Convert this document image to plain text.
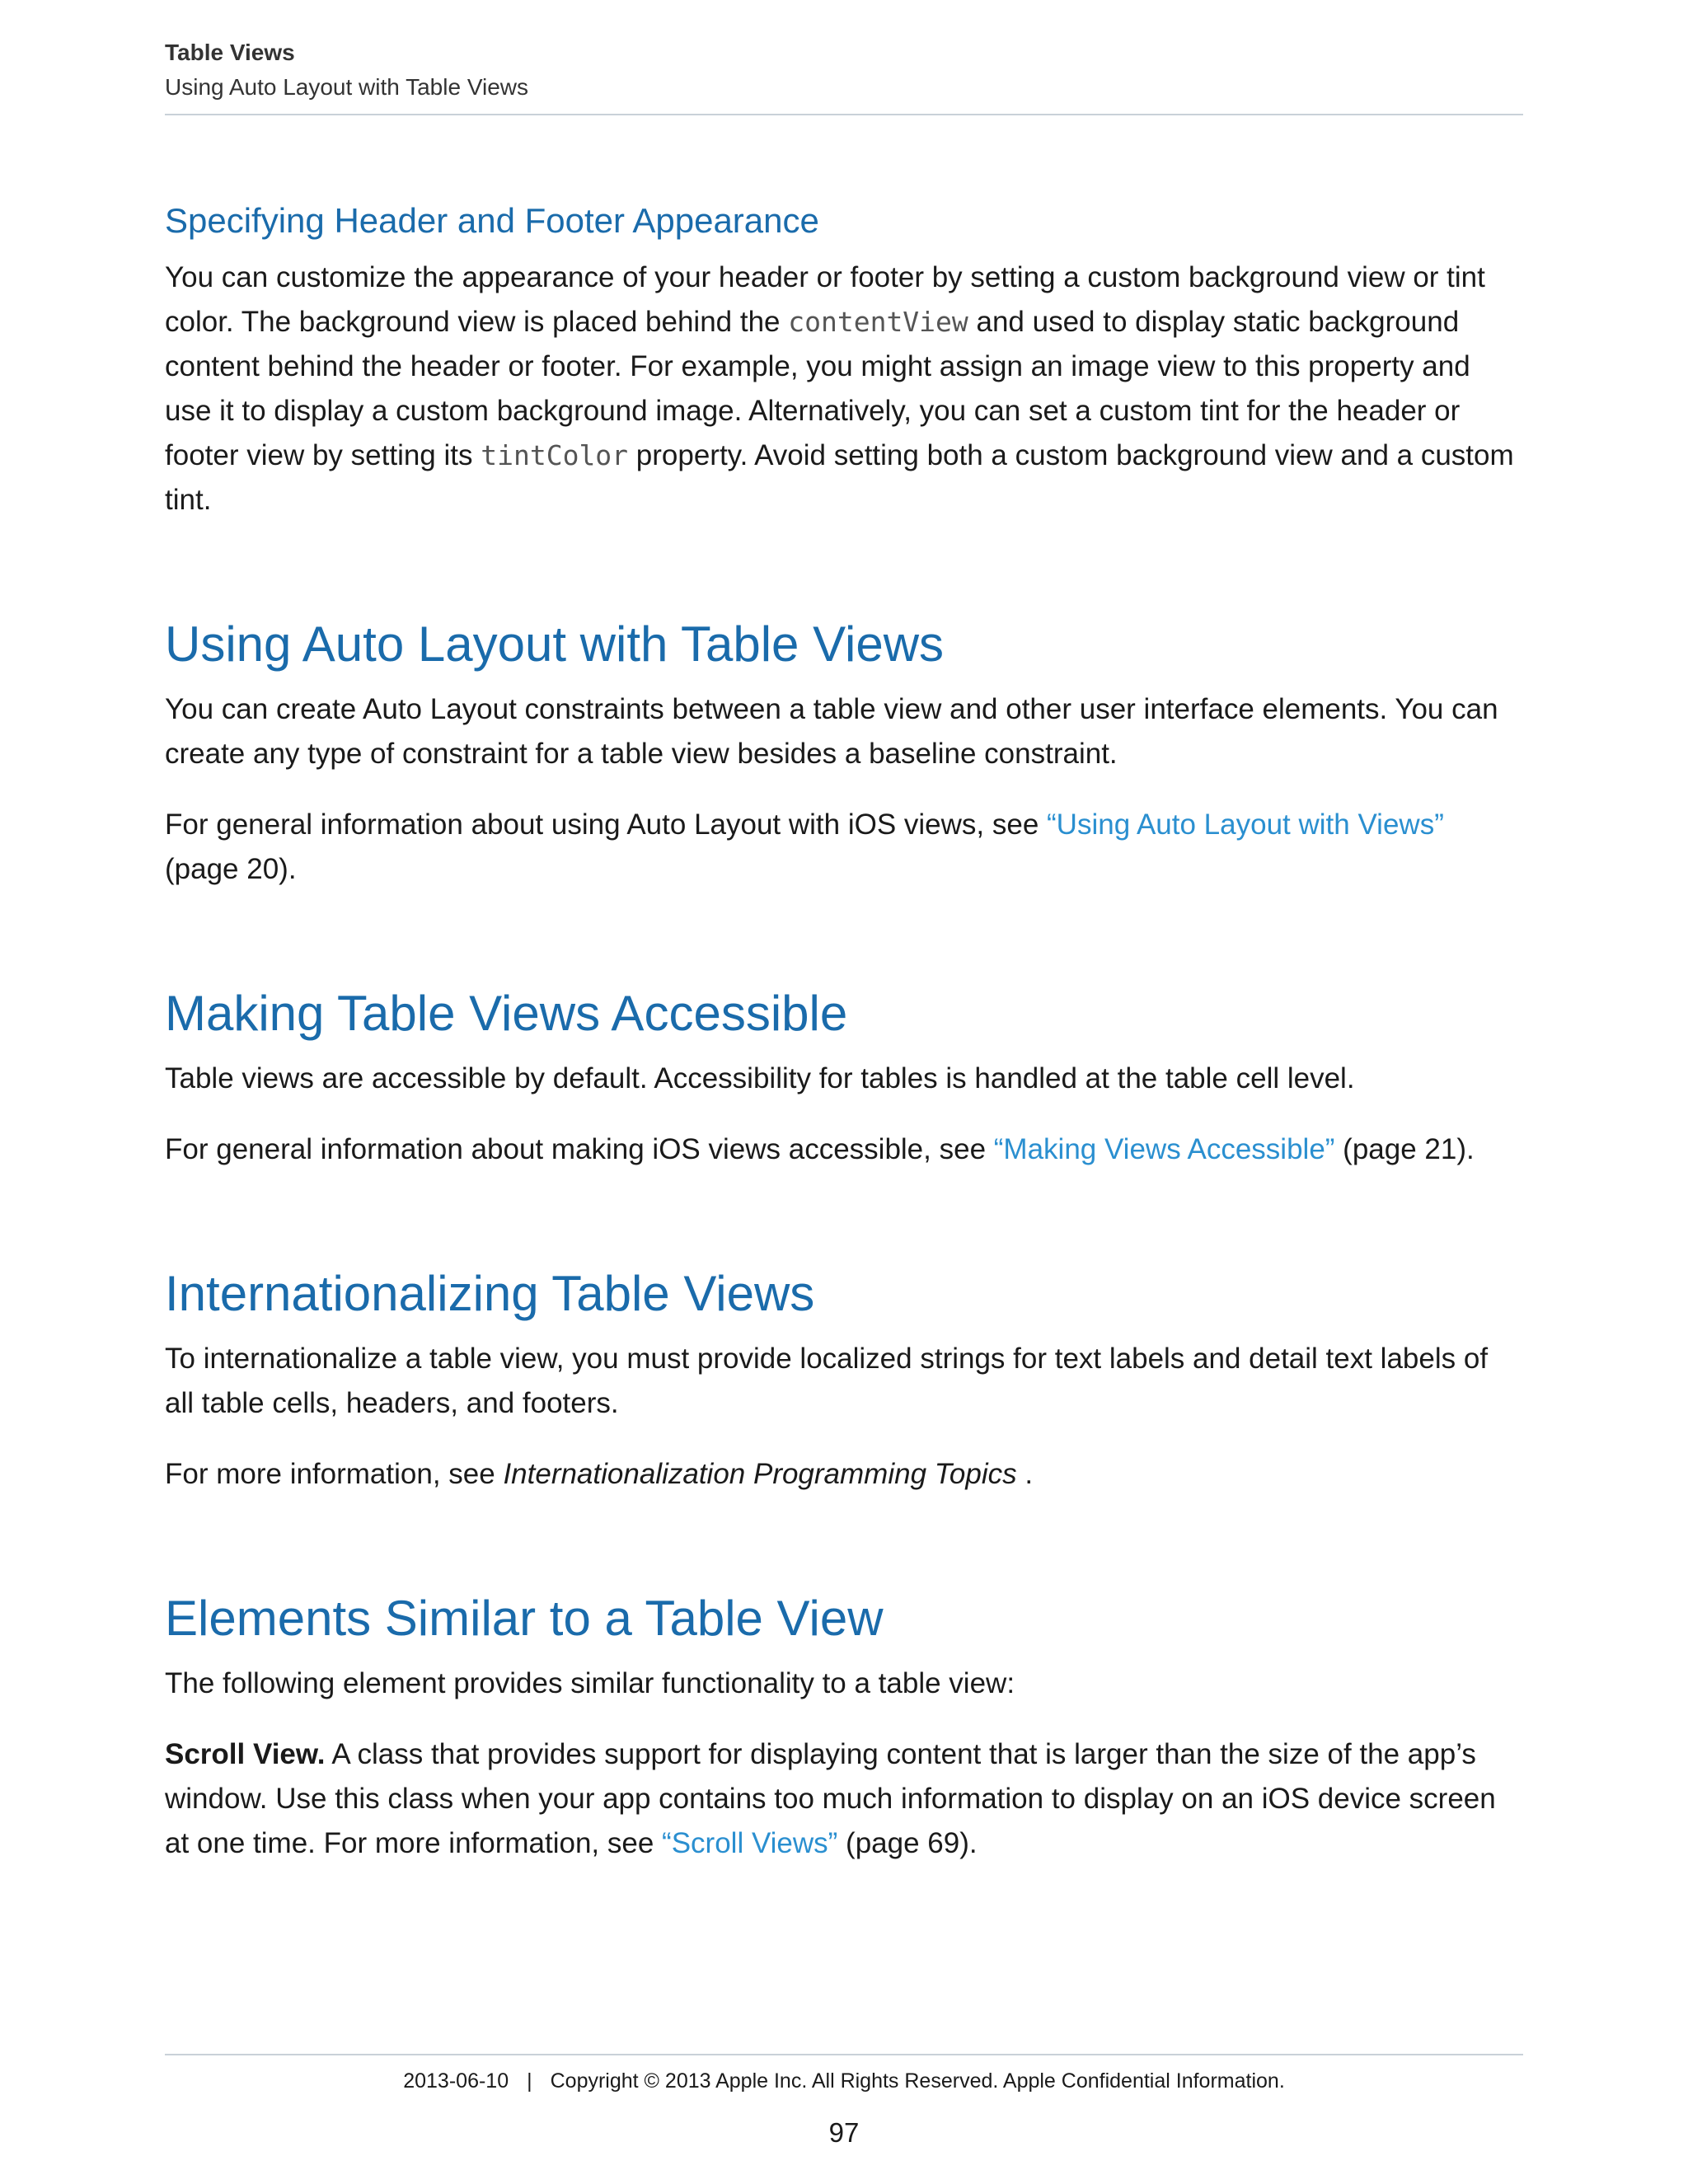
Table Views
Using Auto Layout with Table Views
Specifying Header and Footer Appearance

You can customize the appearance of your header or footer by setting a custom background view or tint color. The background view is placed behind the contentView and used to display static background content behind the header or footer. For example, you might assign an image view to this property and use it to display a custom background image. Alternatively, you can set a custom tint for the header or footer view by setting its tintColor property. Avoid setting both a custom background view and a custom tint.

Using Auto Layout with Table Views

You can create Auto Layout constraints between a table view and other user interface elements. You can create any type of constraint for a table view besides a baseline constraint.

For general information about using Auto Layout with iOS views, see “Using Auto Layout with Views” (page 20).

Making Table Views Accessible

Table views are accessible by default. Accessibility for tables is handled at the table cell level.

For general information about making iOS views accessible, see “Making Views Accessible” (page 21).

Internationalizing Table Views

To internationalize a table view, you must provide localized strings for text labels and detail text labels of all table cells, headers, and footers.

For more information, see Internationalization Programming Topics .

Elements Similar to a Table View

The following element provides similar functionality to a table view:

Scroll View. A class that provides support for displaying content that is larger than the size of the app’s window. Use this class when your app contains too much information to display on an iOS device screen at one time. For more information, see “Scroll Views” (page 69).

2013-06-10 | Copyright © 2013 Apple Inc. All Rights Reserved. Apple Confidential Information.
97
